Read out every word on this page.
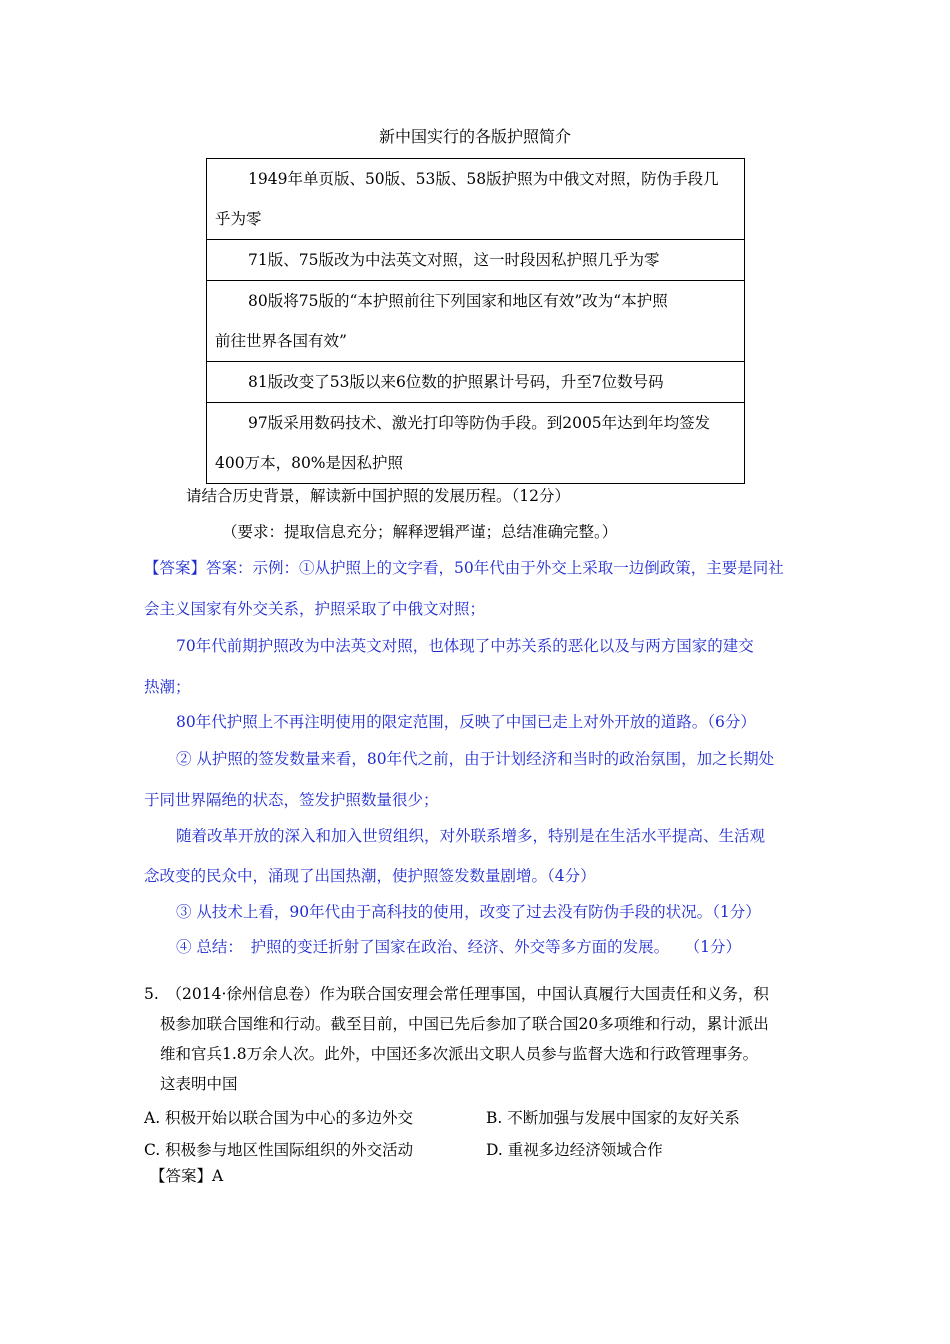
新中国实行的各版护照简介
1949年单页版、50版、53版、58版护照为中俄文对照，防伪手段几
乎为零

71版、75版改为中法英文对照，这一时段因私护照几乎为零

80版将75版的“本护照前往下列国家和地区有效”改为“本护照
前往世界各国有效”

81版改变了53版以来6位数的护照累计号码，升至7位数号码

97版采用数码技术、激光打印等防伪手段。到2005年达到年均签发
400万本，80%是因私护照
请结合历史背景，解读新中国护照的发展历程。（12分）
（要求：提取信息充分；解释逻辑严谨；总结准确完整。）
【答案】答案：示例：①从护照上的文字看，50年代由于外交上采取一边倒政策，主要是同社
会主义国家有外交关系，护照采取了中俄文对照；
70年代前期护照改为中法英文对照，也体现了中苏关系的恶化以及与两方国家的建交
热潮；
80年代护照上不再注明使用的限定范围，反映了中国已走上对外开放的道路。（6分）
② 从护照的签发数量来看，80年代之前，由于计划经济和当时的政治氛围，加之长期处
于同世界隔绝的状态，签发护照数量很少；
随着改革开放的深入和加入世贸组织，对外联系增多，特别是在生活水平提高、生活观
念改变的民众中，涌现了出国热潮，使护照签发数量剧增。（4分）
③ 从技术上看，90年代由于高科技的使用，改变了过去没有防伪手段的状况。（1分）
④ 总结：　护照的变迁折射了国家在政治、经济、外交等多方面的发展。　　（1分）
5.　（2014·徐州信息卷）作为联合国安理会常任理事国，中国认真履行大国责任和义务，积
极参加联合国维和行动。截至目前，中国已先后参加了联合国20多项维和行动，累计派出
维和官兵1.8万余人次。此外，中国还多次派出文职人员参与监督大选和行政管理事务。
这表明中国
A. 积极开始以联合国为中心的多边外交	B. 不断加强与发展中国家的友好关系
C. 积极参与地区性国际组织的外交活动	D. 重视多边经济领域合作
【答案】A
